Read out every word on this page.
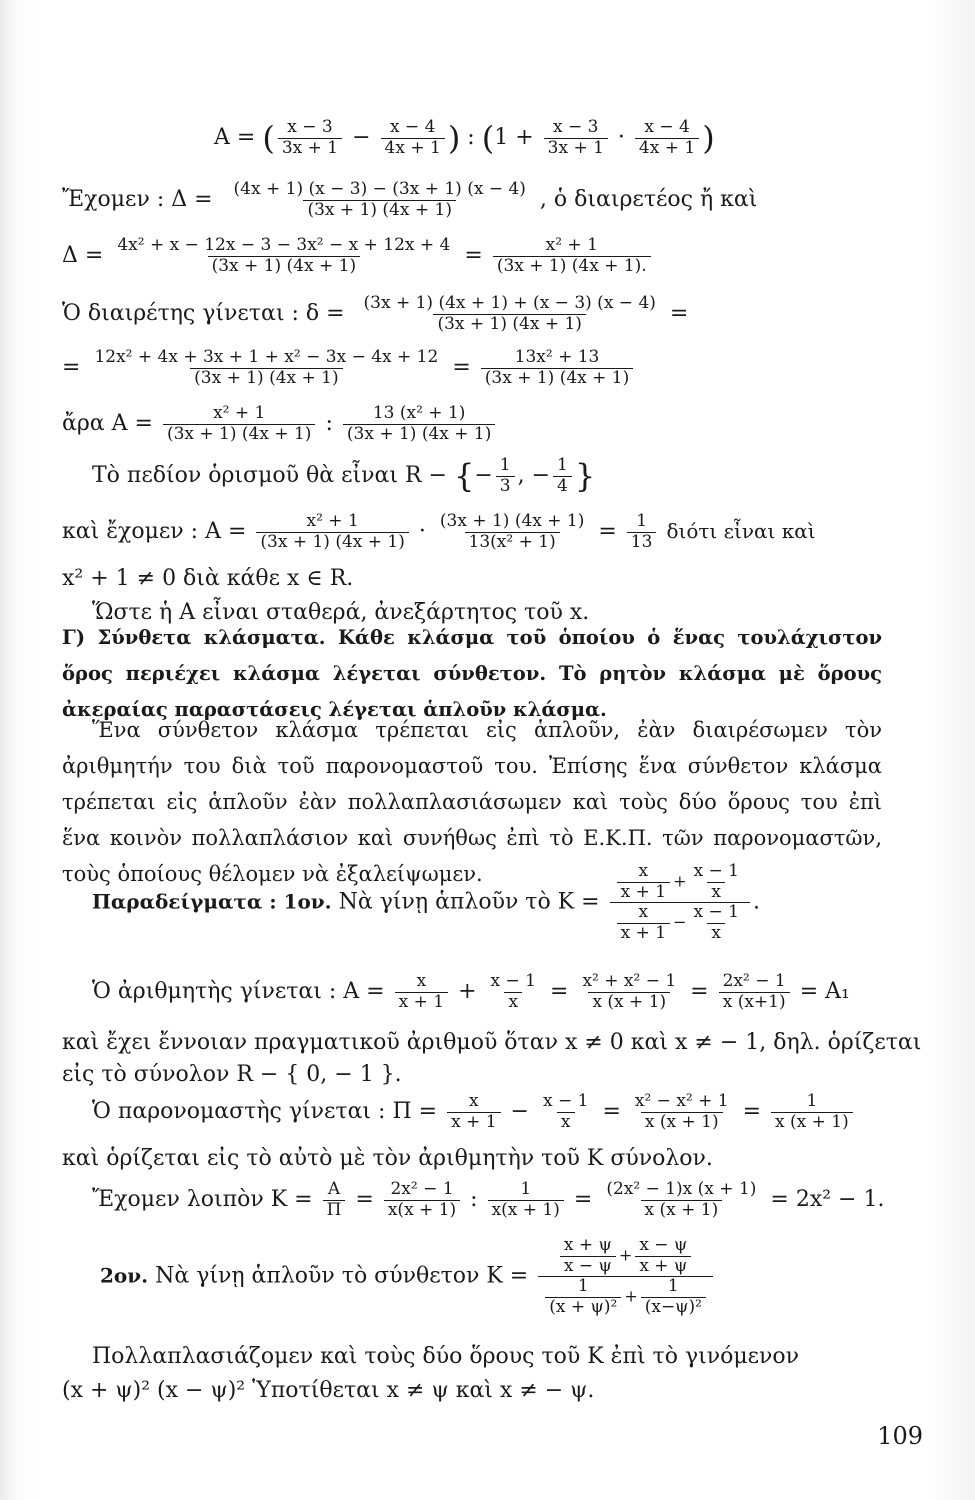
A = ( $\frac{x - 3}{3x + 1} - \frac{x - 4}{4x + 1}$ ) : ($1 + \frac{x - 3}{3x + 1} \cdot \frac{x - 4}{4x + 1}$ )
Ἔχομεν : $\Delta = \frac{(4x + 1) (x - 3) - (3x + 1) (x - 4)}{(3x + 1) (4x + 1)}$ , ὁ διαιρετέος ἤ καὶ
$\Delta = \frac{\text{4x² + x − 12x − 3 − 3x² − x + 12x + 4}}{(3x + 1) (4x + 1)} = \frac{\text{x² + 1}}{(3x + 1) (4x + 1).}$
Ὁ διαιρέτης γίνεται : $\delta = \frac{(3x + 1) (4x + 1) + (x - 3) (x - 4)}{(3x + 1) (4x + 1)}$ =
= $\frac{\text{12x² + 4x + 3x + 1 + x² − 3x − 4x + 12}}{(3x + 1) (4x + 1)} = \frac{\text{13x² + 13}}{(3x + 1) (4x + 1)}$
ἄρα $A = \frac{\text{x² + 1}}{(3x + 1) (4x + 1)}$ : $\frac{\text{13 (x² + 1)}}{(3x + 1) (4x + 1)}$
Τὸ πεδίον ὁρισμοῦ θὰ εἶναι R − {− $\frac{1}{3}$ , − $\frac{1}{4}$ }
καὶ ἔχομεν : $A = \frac{\text{x² + 1}}{(3x + 1) (4x + 1)} \cdot \frac{(3x + 1) (4x + 1)}{\text{13(x² + 1)}} = \frac{1}{13}$ διότι εἶναι καὶ
x² + 1 ≠ 0 διὰ κάθε x ∈ R.
Ὥστε ἡ A εἶναι σταθερά, ἀνεξάρτητος τοῦ x.
Γ) Σύνθετα κλάσματα. Κάθε κλάσμα τοῦ ὁποίου ὁ ἕνας τουλάχιστον ὅρος περιέχει κλάσμα λέγεται σύνθετον. Τὸ ρητὸν κλάσμα μὲ ὅρους ἀκεραίας παραστάσεις λέγεται ἁπλοῦν κλάσμα.
Ἕνα σύνθετον κλάσμα τρέπεται εἰς ἁπλοῦν, ἐὰν διαιρέσωμεν τὸν ἀριθμητήν του διὰ τοῦ παρονομαστοῦ του. Ἐπίσης ἕνα σύνθετον κλάσμα τρέπεται εἰς ἁπλοῦν ἐὰν πολλαπλασιάσωμεν καὶ τοὺς δύο ὅρους του ἐπὶ ἕνα κοινὸν πολλαπλάσιον καὶ συνήθως ἐπὶ τὸ Ε.Κ.Π. τῶν παρονομαστῶν, τοὺς ὁποίους θέλομεν νὰ ἐξαλείψωμεν.
Παραδείγματα : 1ον. Νὰ γίνῃ ἁπλοῦν τὸ $K = \frac{\frac{x}{x + 1} + \frac{x - 1}{x}}{\frac{x}{x + 1} - \frac{x - 1}{x}}$ .
Ὁ ἀριθμητὴς γίνεται : $A = \frac{x}{x + 1} + \frac{x - 1}{x} = \frac{\text{x² + x² − 1}}{x (x + 1)} = \frac{\text{2x² − 1}}{x (x+1)} = A_1$
καὶ ἔχει ἔννοιαν πραγματικοῦ ἀριθμοῦ ὅταν x ≠ 0 καὶ x ≠ − 1, δηλ. ὁρίζεται
εἰς τὸ σύνολον R − { 0, − 1 }.
Ὁ παρονομαστὴς γίνεται : $\Pi = \frac{x}{x + 1} - \frac{x - 1}{x} = \frac{\text{x² − x² + 1}}{x (x + 1)} = \frac{1}{x (x + 1)}$
καὶ ὁρίζεται εἰς τὸ αὐτὸ μὲ τὸν ἀριθμητὴν τοῦ K σύνολον.
Ἔχομεν λοιπὸν $K = \frac{A}{\Pi} = \frac{\text{2x² − 1}}{x(x + 1)}$ : $\frac{1}{x(x + 1)} = \frac{\text{(2x² − 1)x (x + 1)}}{x (x + 1)} = 2x^2 - 1$.
2ον. Νὰ γίνῃ ἁπλοῦν τὸ σύνθετον $K = \frac{\frac{x + \psi}{x - \psi} + \frac{x - \psi}{x + \psi}}{\frac{1}{\text{(x + ψ)²}} + \frac{1}{\text{(x−ψ)²}}}$
Πολλαπλασιάζομεν καὶ τοὺς δύο ὅρους τοῦ K ἐπὶ τὸ γινόμενον
(x + ψ)² (x − ψ)² Ὑποτίθεται x ≠ ψ καὶ x ≠ − ψ.
109
